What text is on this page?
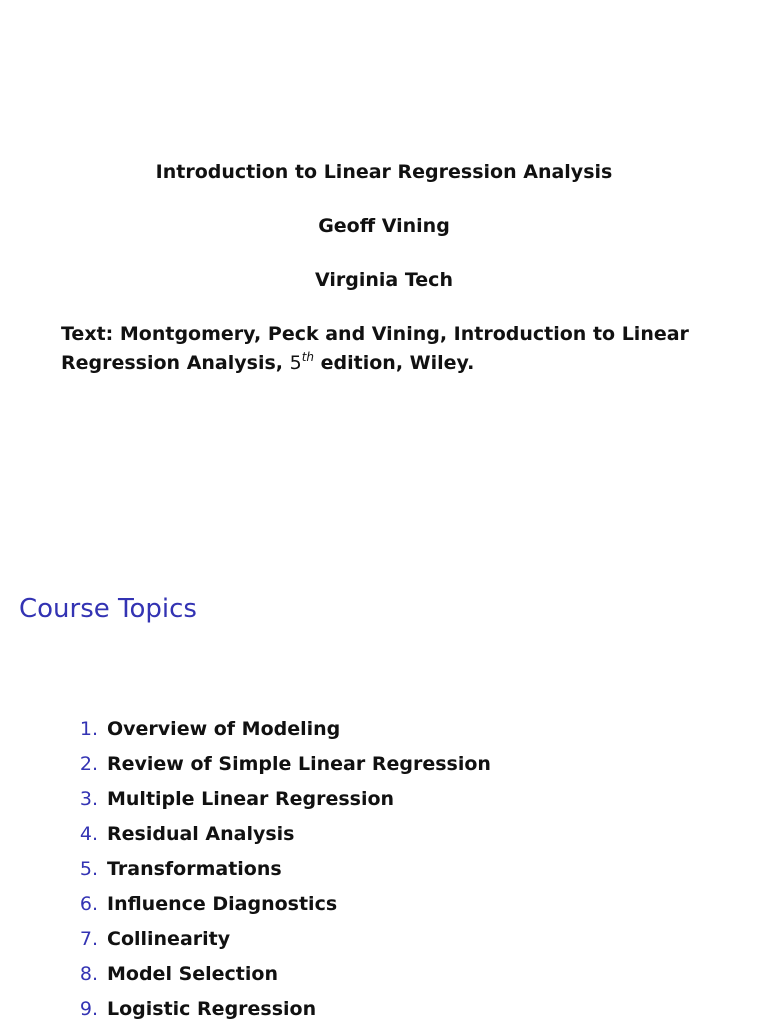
Introduction to Linear Regression Analysis
Geoff Vining
Virginia Tech
Text: Montgomery, Peck and Vining, Introduction to Linear Regression Analysis, 5th edition, Wiley.
Course Topics
1. Overview of Modeling
2. Review of Simple Linear Regression
3. Multiple Linear Regression
4. Residual Analysis
5. Transformations
6. Influence Diagnostics
7. Collinearity
8. Model Selection
9. Logistic Regression
